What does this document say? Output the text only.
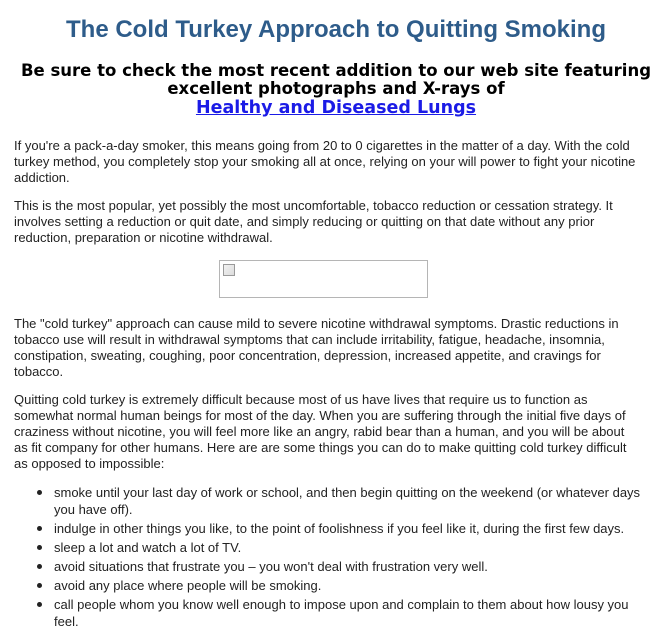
The Cold Turkey Approach to Quitting Smoking
Be sure to check the most recent addition to our web site featuring excellent photographs and X-rays of
Healthy and Diseased Lungs

If you're a pack-a-day smoker, this means going from 20 to 0 cigarettes in the matter of a day. With the cold turkey method, you completely stop your smoking all at once, relying on your will power to fight your nicotine addiction.

This is the most popular, yet possibly the most uncomfortable, tobacco reduction or cessation strategy. It involves setting a reduction or quit date, and simply reducing or quitting on that date without any prior reduction, preparation or nicotine withdrawal.

The "cold turkey" approach can cause mild to severe nicotine withdrawal symptoms. Drastic reductions in tobacco use will result in withdrawal symptoms that can include irritability, fatigue, headache, insomnia, constipation, sweating, coughing, poor concentration, depression, increased appetite, and cravings for tobacco.

Quitting cold turkey is extremely difficult because most of us have lives that require us to function as somewhat normal human beings for most of the day. When you are suffering through the initial five days of craziness without nicotine, you will feel more like an angry, rabid bear than a human, and you will be about as fit company for other humans. Here are are some things you can do to make quitting cold turkey difficult as opposed to impossible:

smoke until your last day of work or school, and then begin quitting on the weekend (or whatever days you have off).
indulge in other things you like, to the point of foolishness if you feel like it, during the first few days.
sleep a lot and watch a lot of TV.
avoid situations that frustrate you – you won't deal with frustration very well.
avoid any place where people will be smoking.
call people whom you know well enough to impose upon and complain to them about how lousy you feel.
